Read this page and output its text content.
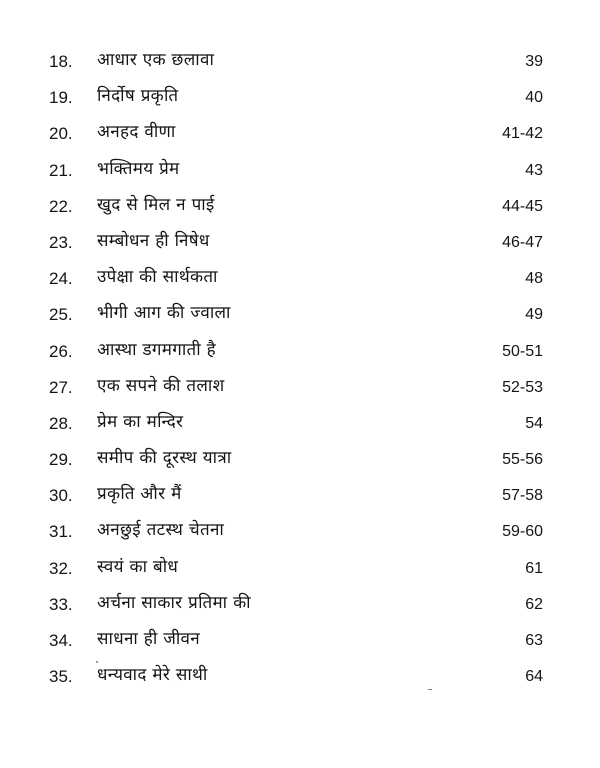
18.	आधार एक छलावा	39
19.	निर्दोष प्रकृति	40
20.	अनहद वीणा	41-42
21.	भक्तिमय प्रेम	43
22.	खुद से मिल न पाई	44-45
23.	सम्बोधन ही निषेध	46-47
24.	उपेक्षा की सार्थकता	48
25.	भीगी आग की ज्वाला	49
26.	आस्था डगमगाती है	50-51
27.	एक सपने की तलाश	52-53
28.	प्रेम का मन्दिर	54
29.	समीप की दूरस्थ यात्रा	55-56
30.	प्रकृति और मैं	57-58
31.	अनछुई तटस्थ चेतना	59-60
32.	स्वयं का बोध	61
33.	अर्चना साकार प्रतिमा की	62
34.	साधना ही जीवन	63
35.	धन्यवाद मेरे साथी	64
